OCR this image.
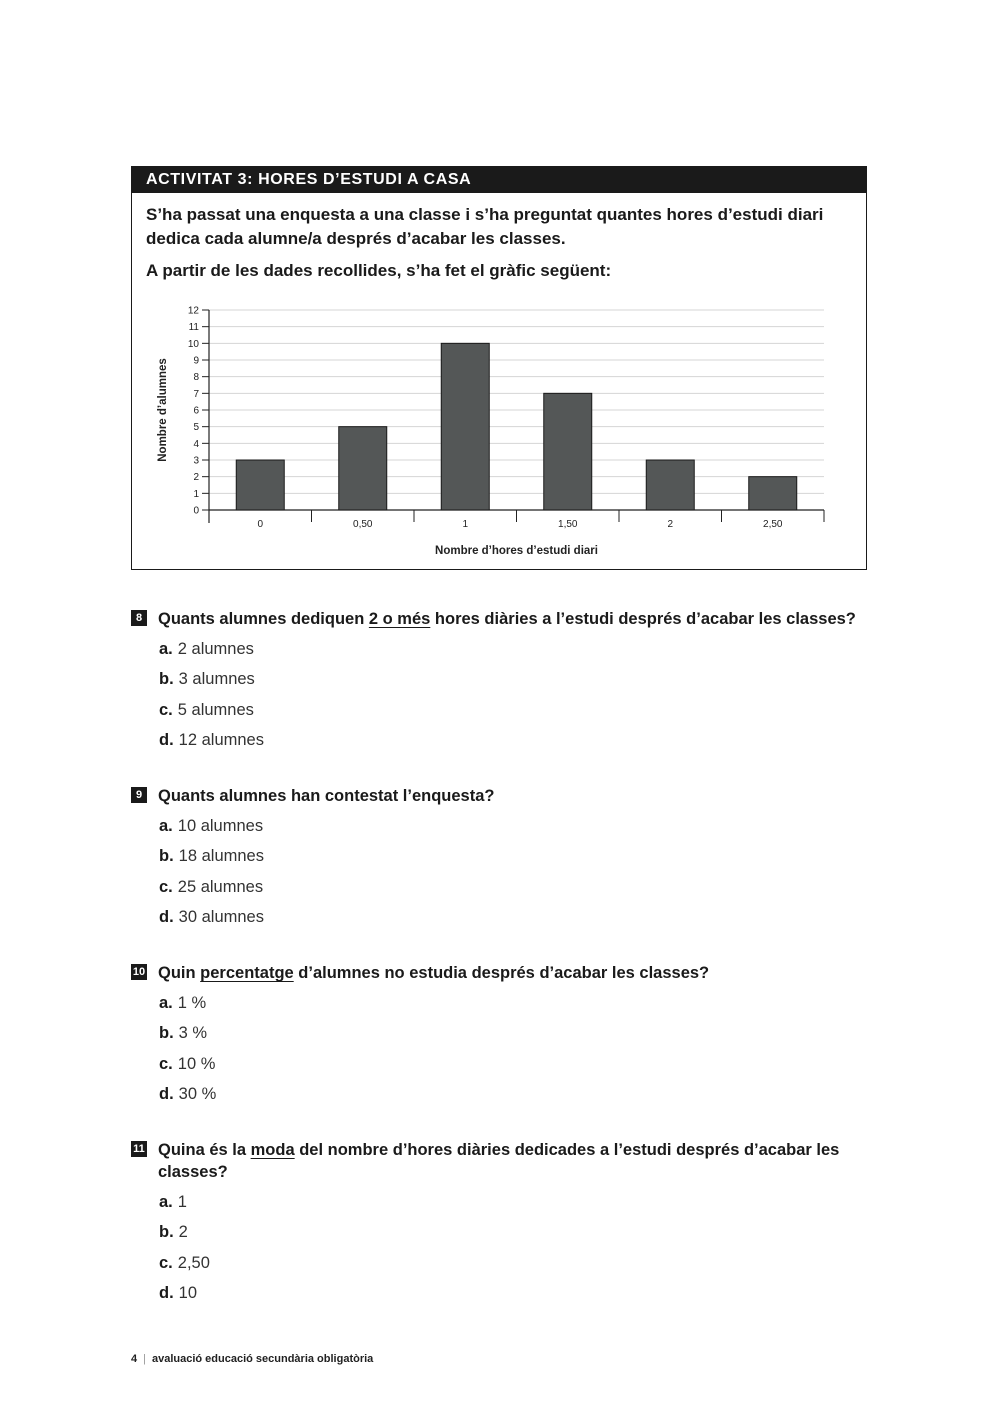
ACTIVITAT 3: HORES D’ESTUDI A CASA
S’ha passat una enquesta a una classe i s’ha preguntat quantes hores d’estudi diari dedica cada alumne/a després d’acabar les classes.
A partir de les dades recollides, s’ha fet el gràfic següent:
0
1
2
3
4
5
6
7
8
9
10
11
12
0	0,50	1	1,50	2	2,50
Nombre d’hores d’estudi diari
Nombre d’alumnes
8 Quants alumnes dediquen 2 o més hores diàries a l’estudi després d’acabar les classes?
a. 2 alumnes
b. 3 alumnes
c. 5 alumnes
d. 12 alumnes
9 Quants alumnes han contestat l’enquesta?
a. 10 alumnes
b. 18 alumnes
c. 25 alumnes
d. 30 alumnes
10 Quin percentatge d’alumnes no estudia després d’acabar les classes?
a. 1 %
b. 3 %
c. 10 %
d. 30 %
11 Quina és la moda del nombre d’hores diàries dedicades a l’estudi després d’acabar les classes?
a. 1
b. 2
c. 2,50
d. 10
4 | avaluació educació secundària obligatòria
